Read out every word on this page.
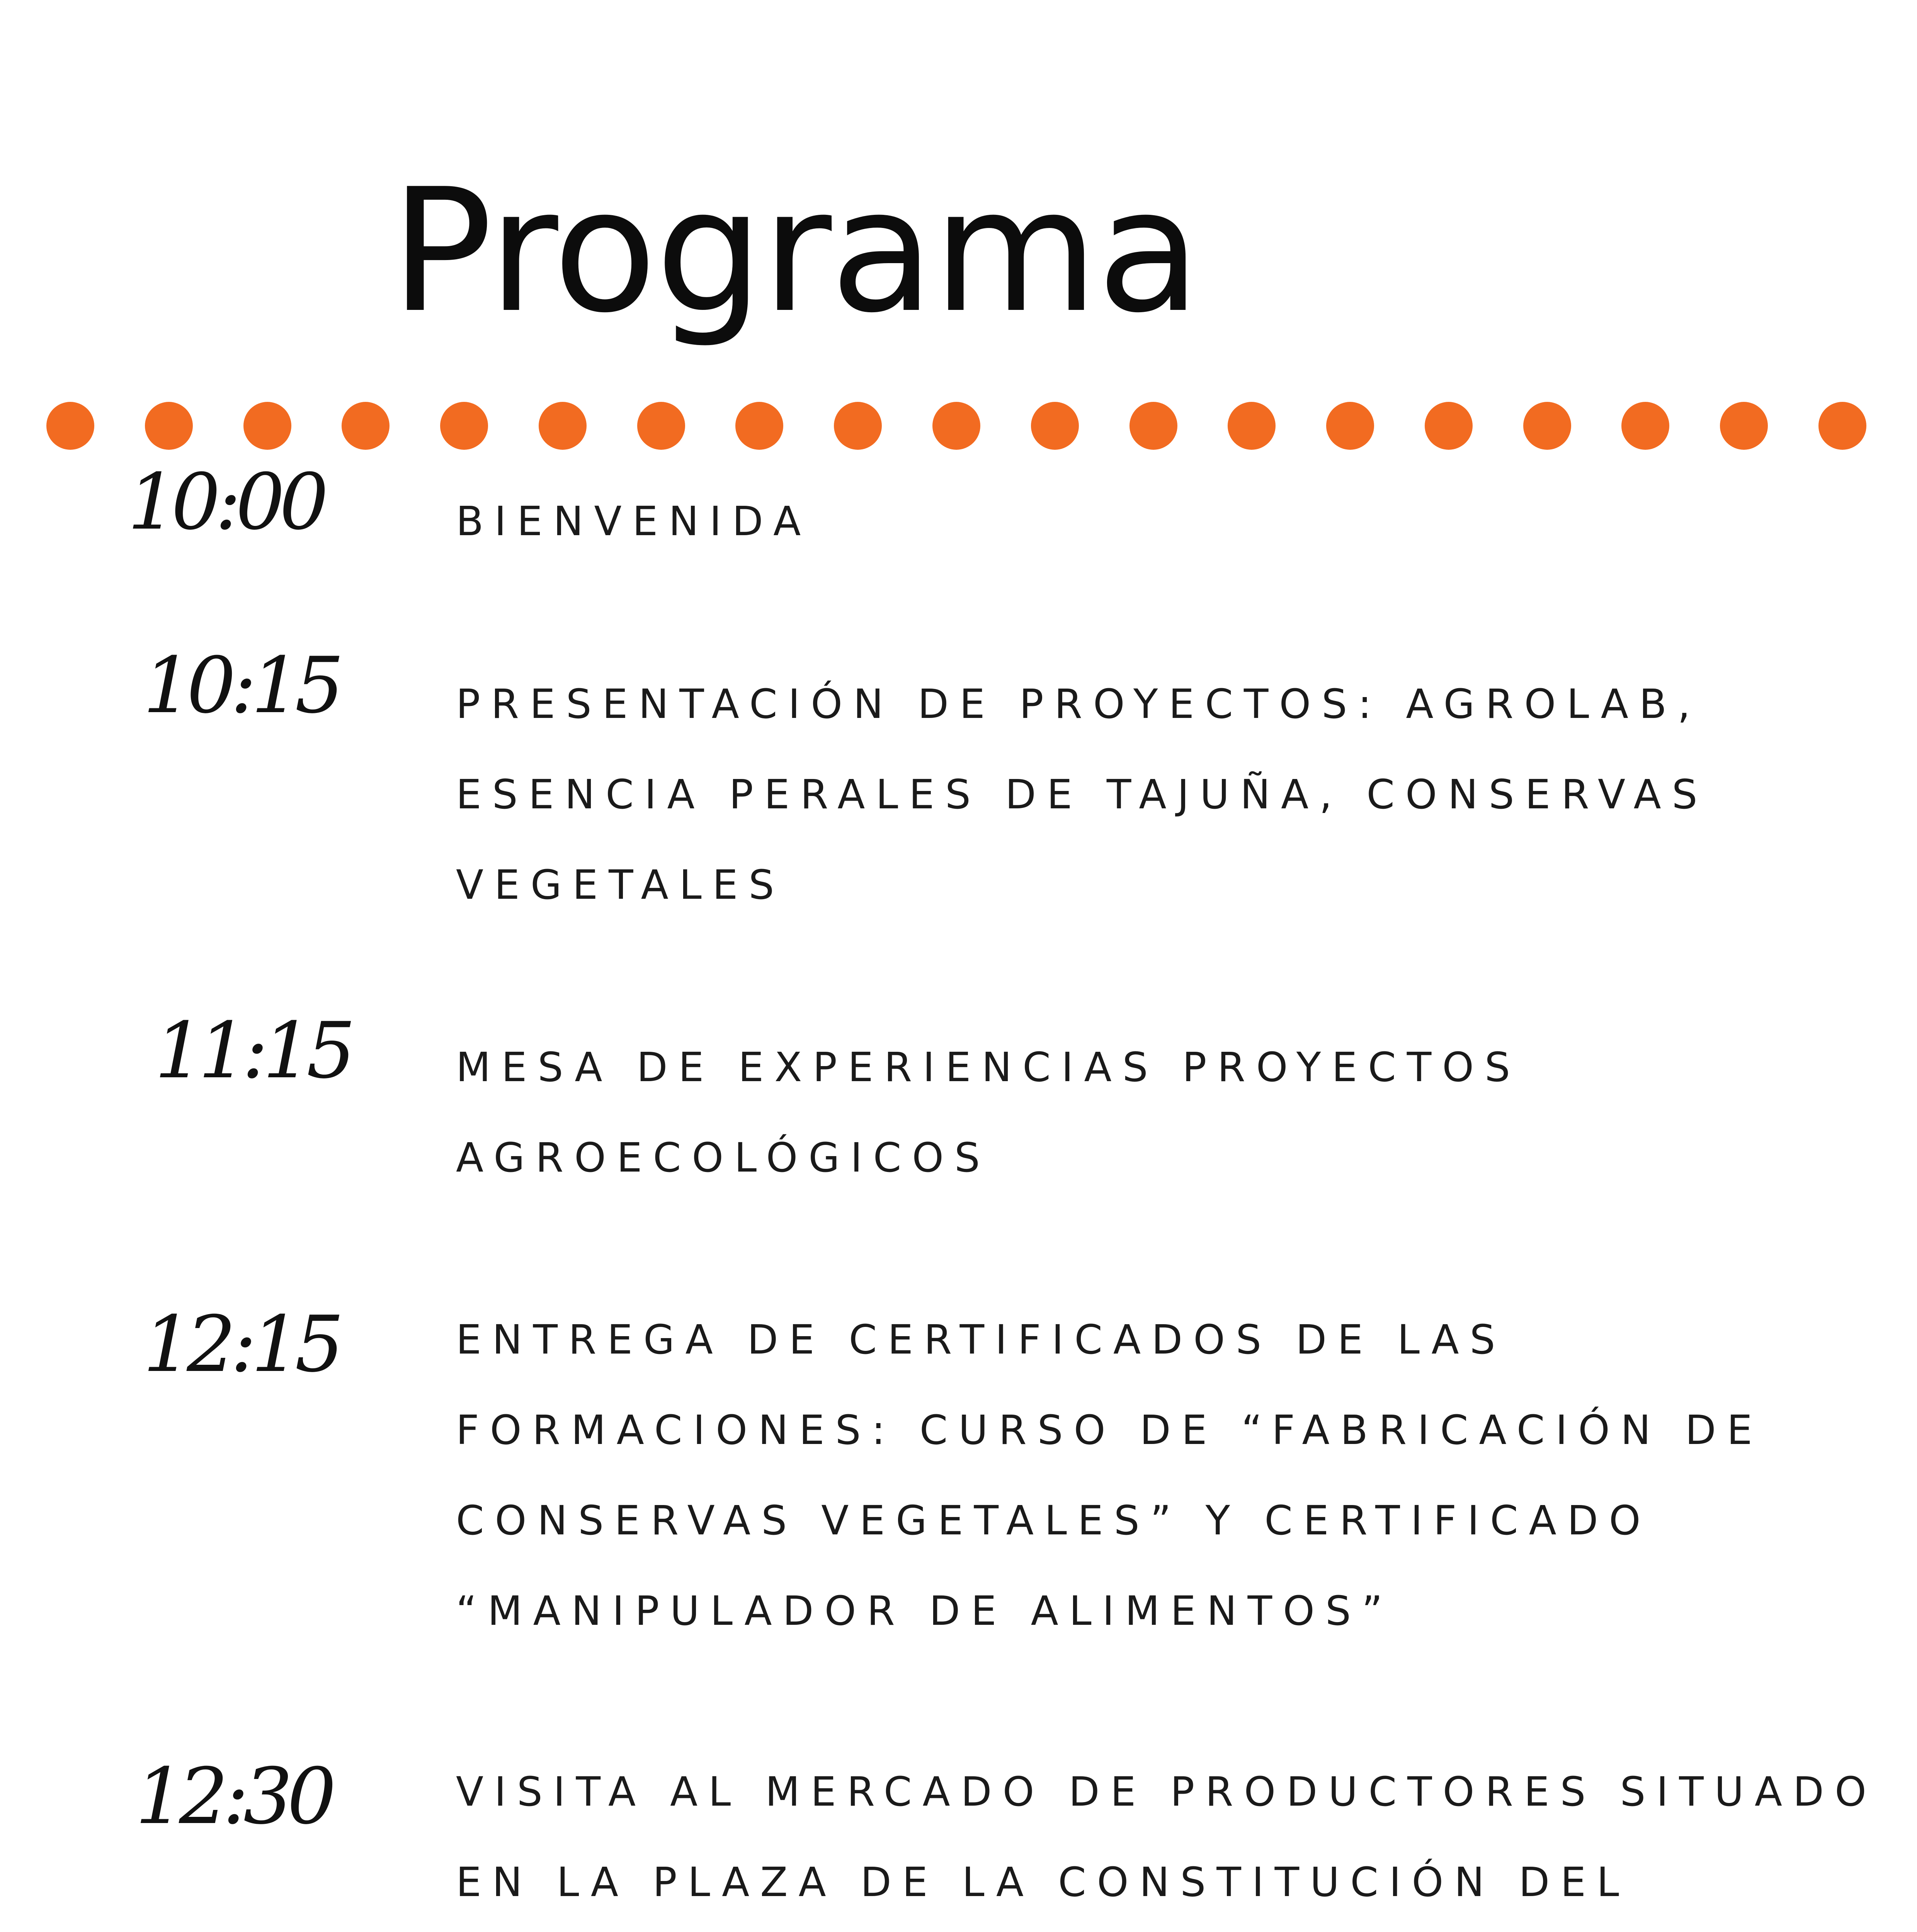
Programa
10:00	BIENVENIDA
10:15	PRESENTACIÓN DE PROYECTOS: AGROLAB,
ESENCIA PERALES DE TAJUÑA, CONSERVAS
VEGETALES
11:15	MESA DE EXPERIENCIAS PROYECTOS
AGROECOLÓGICOS
12:15	ENTREGA DE CERTIFICADOS DE LAS
FORMACIONES: CURSO DE “FABRICACIÓN DE
CONSERVAS VEGETALES” Y CERTIFICADO
“MANIPULADOR DE ALIMENTOS”
12:30	VISITA AL MERCADO DE PRODUCTORES SITUADO
EN LA PLAZA DE LA CONSTITUCIÓN DEL
